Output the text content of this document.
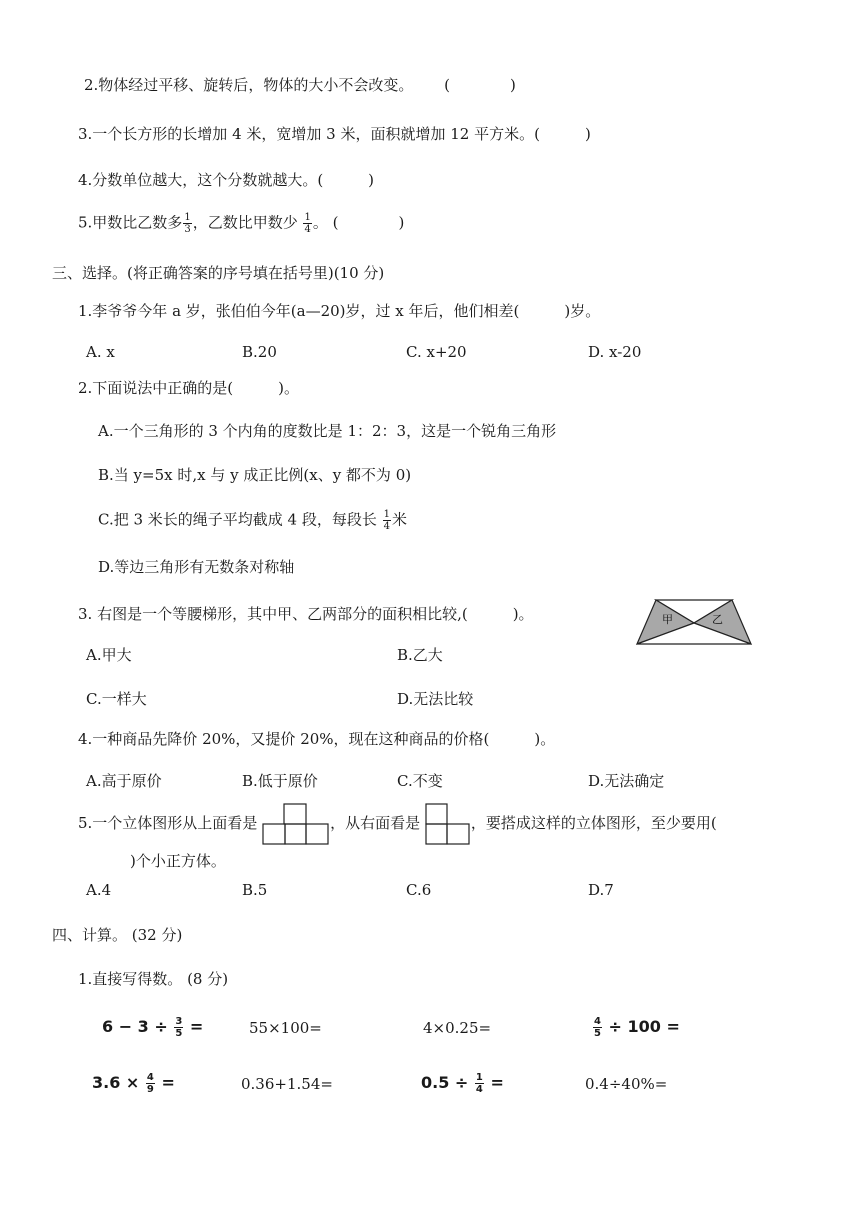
2.物体经过平移、旋转后，物体的大小不会改变。 (　　　　)
3.一个长方形的长增加 4 米，宽增加 3 米，面积就增加 12 平方米。(　　　)
4.分数单位越大，这个分数就越大。(　　　)
5.甲数比乙数多 $\frac{1}{3}$ ，乙数比甲数少 $\frac{1}{4}$ 。 (　　　　)
三、选择。(将正确答案的序号填在括号里)(10 分)
1.李爷爷今年 a 岁，张伯伯今年(a—20)岁，过 x 年后，他们相差(　　　)岁。
A. x	B.20	C. x+20	D. x-20
2.下面说法中正确的是(　　　)。
A.一个三角形的 3 个内角的度数比是 1：2：3，这是一个锐角三角形
B.当 y=5x 时,x 与 y 成正比例(x、y 都不为 0)
C.把 3 米长的绳子平均截成 4 段，每段长 $\frac{1}{4}$ 米
D.等边三角形有无数条对称轴
3. 右图是一个等腰梯形，其中甲、乙两部分的面积相比较,(　　　)。	甲	乙
A.甲大	B.乙大
C.一样大	D.无法比较
4.一种商品先降价 20%，又提价 20%，现在这种商品的价格(　　　)。
A.高于原价	B.低于原价	C.不变	D.无法确定
5.一个立体图形从上面看是	，从右面看是	，要搭成这样的立体图形，至少要用(
)个小正方体。
A.4	B.5	C.6	D.7
四、计算。 (32 分)
1.直接写得数。 (8 分)
$6 - 3 \div \frac{3}{5}$ =	55×100=	4×0.25=	$\frac{4}{5} \div 100$ =
$3.6 \times \frac{4}{9}$ =	0.36+1.54=	$0.5 \div \frac{1}{4}$ =	0.4÷40%=
